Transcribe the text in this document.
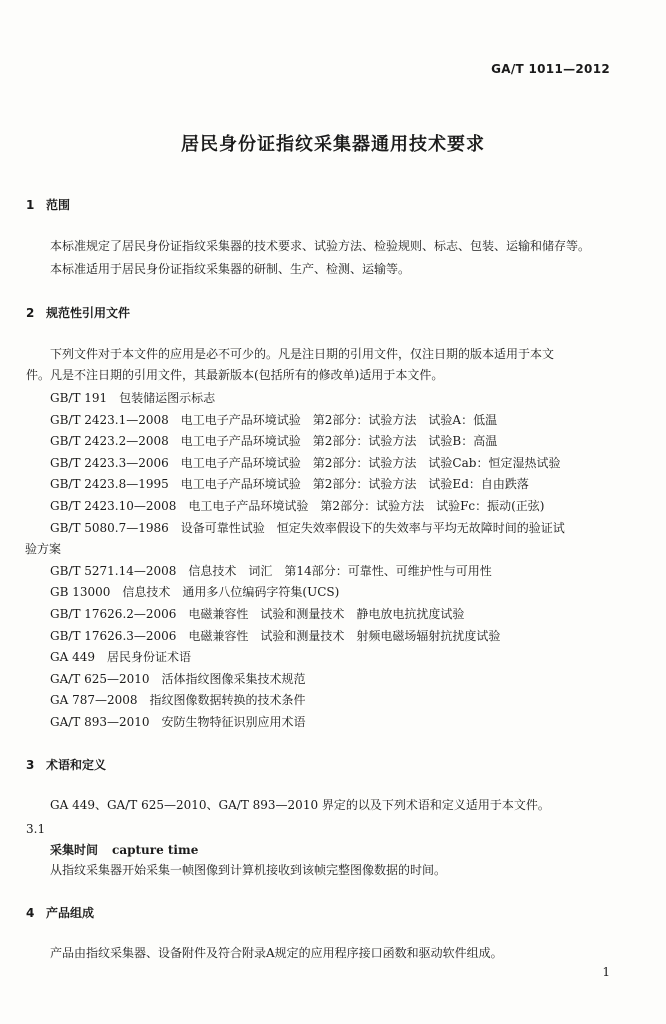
GA/T 1011—2012
居民身份证指纹采集器通用技术要求
1 范围
本标准规定了居民身份证指纹采集器的技术要求、试验方法、检验规则、标志、包装、运输和储存等。
本标准适用于居民身份证指纹采集器的研制、生产、检测、运输等。
2 规范性引用文件
下列文件对于本文件的应用是必不可少的。凡是注日期的引用文件，仅注日期的版本适用于本文
件。凡是不注日期的引用文件，其最新版本(包括所有的修改单)适用于本文件。
GB/T 191　包装储运图示标志
GB/T 2423.1—2008　电工电子产品环境试验　第2部分：试验方法　试验A：低温
GB/T 2423.2—2008　电工电子产品环境试验　第2部分：试验方法　试验B：高温
GB/T 2423.3—2006　电工电子产品环境试验　第2部分：试验方法　试验Cab：恒定湿热试验
GB/T 2423.8—1995　电工电子产品环境试验　第2部分：试验方法　试验Ed：自由跌落
GB/T 2423.10—2008　电工电子产品环境试验　第2部分：试验方法　试验Fc：振动(正弦)
GB/T 5080.7—1986　设备可靠性试验　恒定失效率假设下的失效率与平均无故障时间的验证试
验方案
GB/T 5271.14—2008　信息技术　词汇　第14部分：可靠性、可维护性与可用性
GB 13000　信息技术　通用多八位编码字符集(UCS)
GB/T 17626.2—2006　电磁兼容性　试验和测量技术　静电放电抗扰度试验
GB/T 17626.3—2006　电磁兼容性　试验和测量技术　射频电磁场辐射抗扰度试验
GA 449　居民身份证术语
GA/T 625—2010　活体指纹图像采集技术规范
GA 787—2008　指纹图像数据转换的技术条件
GA/T 893—2010　安防生物特征识别应用术语
3 术语和定义
GA 449、GA/T 625—2010、GA/T 893—2010 界定的以及下列术语和定义适用于本文件。
3.1
采集时间 capture time
从指纹采集器开始采集一帧图像到计算机接收到该帧完整图像数据的时间。
4 产品组成
产品由指纹采集器、设备附件及符合附录A规定的应用程序接口函数和驱动软件组成。
1
